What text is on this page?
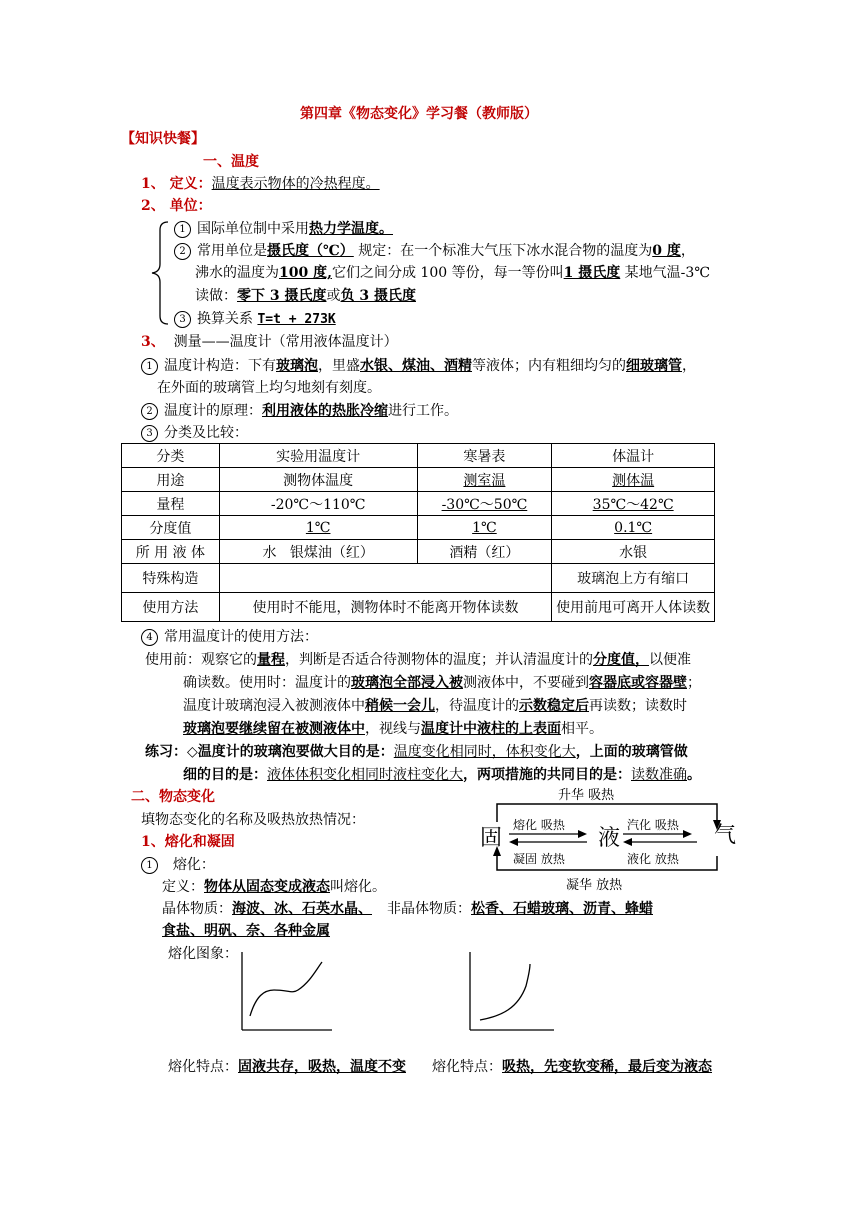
第四章《物态变化》学习餐（教师版）
【知识快餐】
一、温度
1、 定义：温度表示物体的冷热程度。
2、 单位：
1 国际单位制中采用热力学温度。
2 常用单位是摄氏度（℃） 规定：在一个标准大气压下冰水混合物的温度为0 度，
沸水的温度为100 度,它们之间分成 100 等份，每一等份叫1 摄氏度 某地气温-3℃
读做：零下 3 摄氏度或负 3 摄氏度
3 换算关系 T=t + 273K
3、 测量——温度计（常用液体温度计）
1 温度计构造：下有玻璃泡，里盛水银、煤油、酒精等液体；内有粗细均匀的细玻璃管，
在外面的玻璃管上均匀地刻有刻度。
2 温度计的原理：利用液体的热胀冷缩进行工作。
3 分类及比较：
分类	实验用温度计	寒暑表	体温计
用途	测物体温度	测室温	测体温
量程	-20℃～110℃	-30℃～50℃	35℃～42℃
分度值	1℃	1℃	0.1℃
所 用 液 体	水   银煤油（红）	酒精（红）	水银
特殊构造			玻璃泡上方有缩口
使用方法	使用时不能甩，测物体时不能离开物体读数		使用前甩可离开人体读数
4 常用温度计的使用方法：
使用前：观察它的量程，判断是否适合待测物体的温度；并认清温度计的分度值，以便准
确读数。使用时：温度计的玻璃泡全部浸入被测液体中，不要碰到容器底或容器壁；
温度计玻璃泡浸入被测液体中稍候一会儿，待温度计的示数稳定后再读数；读数时
玻璃泡要继续留在被测液体中，视线与温度计中液柱的上表面相平。
练习：◇温度计的玻璃泡要做大目的是：温度变化相同时，体积变化大，上面的玻璃管做
细的目的是：液体体积变化相同时液柱变化大，两项措施的共同目的是：读数准确。
二、物态变化
填物态变化的名称及吸热放热情况：
1、熔化和凝固
1 熔化：
升华 吸热
固	液	气
熔化 吸热
凝固 放热
汽化 吸热
液化 放热
凝华 放热
定义：物体从固态变成液态叫熔化。
晶体物质：海波、冰、石英水晶、 非晶体物质：松香、石蜡玻璃、沥青、蜂蜡
食盐、明矾、奈、各种金属
熔化图象：
熔化特点：固液共存，吸热，温度不变 熔化特点：吸热，先变软变稀，最后变为液态
